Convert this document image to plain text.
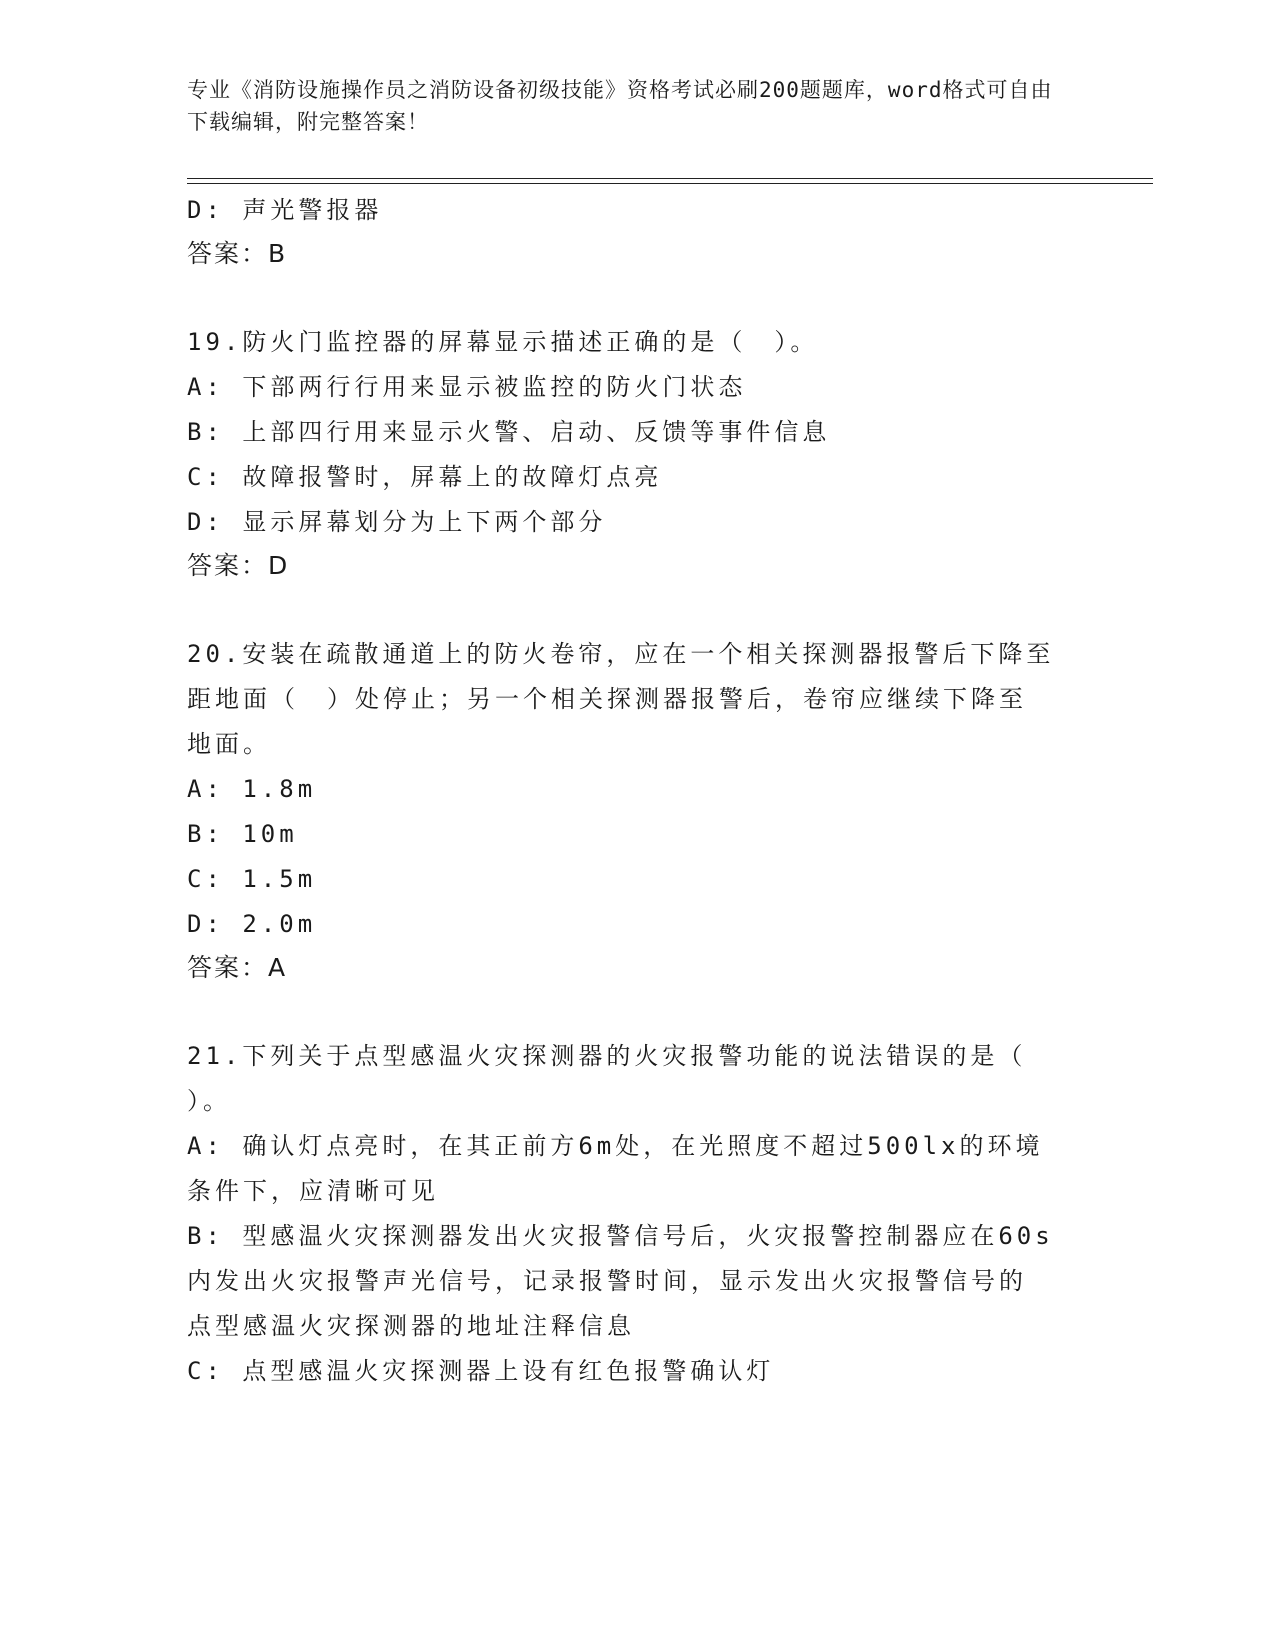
专业《消防设施操作员之消防设备初级技能》资格考试必刷200题题库，word格式可自由下载编辑，附完整答案！
D: 声光警报器
答案：B
19.防火门监控器的屏幕显示描述正确的是（　）。
A: 下部两行行用来显示被监控的防火门状态
B: 上部四行用来显示火警、启动、反馈等事件信息
C: 故障报警时，屏幕上的故障灯点亮
D: 显示屏幕划分为上下两个部分
答案：D
20.安装在疏散通道上的防火卷帘，应在一个相关探测器报警后下降至
距地面（　）处停止；另一个相关探测器报警后，卷帘应继续下降至
地面。
A: 1.8m
B: 10m
C: 1.5m
D: 2.0m
答案：A
21.下列关于点型感温火灾探测器的火灾报警功能的说法错误的是（
）。
A: 确认灯点亮时，在其正前方6m处，在光照度不超过500lx的环境
条件下，应清晰可见
B: 型感温火灾探测器发出火灾报警信号后，火灾报警控制器应在60s
内发出火灾报警声光信号，记录报警时间，显示发出火灾报警信号的
点型感温火灾探测器的地址注释信息
C: 点型感温火灾探测器上设有红色报警确认灯
